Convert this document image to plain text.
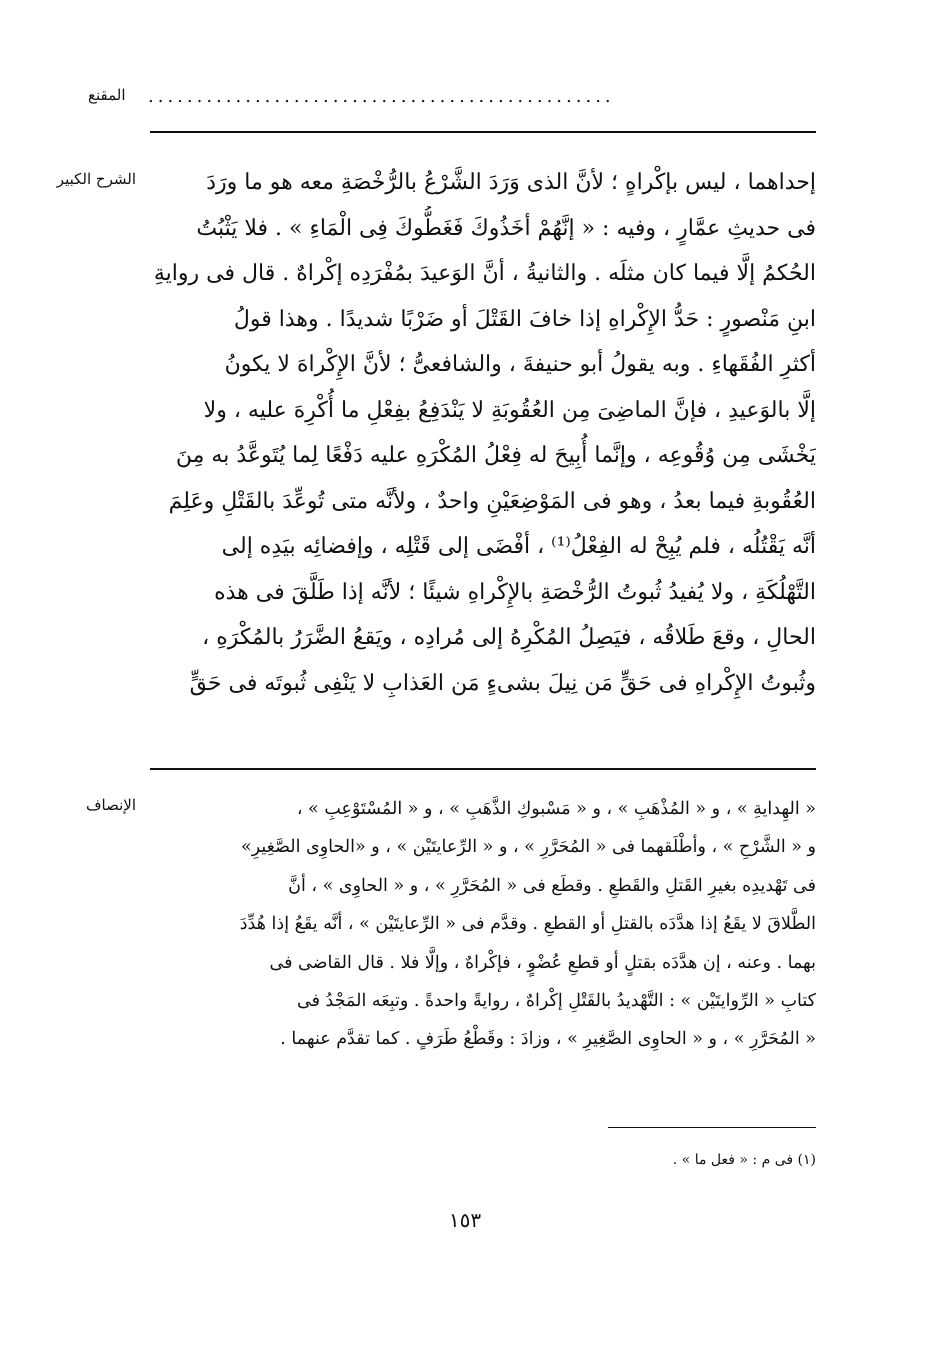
المقنع ................................................
الشرح الكبير	إحداهما ، ليس بإكْراهٍ ؛ لأنَّ الذى وَرَدَ الشَّرْعُ بالرُّخْصَةِ معه هو ما ورَدَ
فى حديثِ عمَّارٍ ، وفيه : « إنَّهُمْ أخَذُوكَ فَغَطُّوكَ فِى الْمَاءِ » . فلا يَثْبُتُ
الحُكمُ إلَّا فيما كان مثلَه . والثانيةُ ، أنَّ الوَعيدَ بمُفْرَدِه إكْراهٌ . قال فى روايةِ
ابنِ مَنْصورٍ : حَدُّ الإِكْراهِ إذا خافَ القَتْلَ أو ضَرْبًا شديدًا . وهذا قولُ
أكثرِ الفُقَهاءِ . وبه يقولُ أبو حنيفةَ ، والشافعىُّ ؛ لأنَّ الإِكْراهَ لا يكونُ
إلَّا بالوَعيدِ ، فإنَّ الماضِىَ مِن العُقُوبَةِ لا يَنْدَفِعُ بفِعْلِ ما أُكْرِهَ عليه ، ولا
يَخْشَى مِن وُقُوعِه ، وإنَّما أُبِيحَ له فِعْلُ المُكْرَهِ عليه دَفْعًا لِما يُتَوعَّدُ به مِنَ
العُقُوبةِ فيما بعدُ ، وهو فى المَوْضِعَيْنِ واحدٌ ، ولأنَّه متى تُوعِّدَ بالقَتْلِ وعَلِمَ
أنَّه يَقْتُلُه ، فلم يُبِحْ له الفِعْلُ⁽¹⁾ ، أفْضَى إلى قَتْلِه ، وإفضائِه بيَدِه إلى
التَّهْلُكَةِ ، ولا يُفيدُ ثُبوتُ الرُّخْصَةِ بالإِكْراهِ شيئًا ؛ لأنَّه إذا طَلَّقَ فى هذه
الحالِ ، وقعَ طَلاقُه ، فيَصِلُ المُكْرِهُ إلى مُرادِه ، ويَقعُ الضَّرَرُ بالمُكْرَهِ ،
وثُبوتُ الإِكْراهِ فى حَقٍّ مَن نِيلَ بشىءٍ مَن العَذابِ لا يَنْفِى ثُبوتَه فى حَقٍّ
الإنصاف	« الهِدايةِ » ، و « المُذْهَبِ » ، و « مَسْبوكِ الذَّهَبِ » ، و « المُسْتَوْعِبِ » ،
و « الشَّرْحِ » ، وأطْلَقهما فى « المُحَرَّرِ » ، و « الرِّعايتَيْن » ، و «الحاوِى الصَّغِيرِ»
فى تَهْديدِه بغيرِ القَتلِ والقَطعِ . وقطَع فى « المُحَرَّرِ » ، و « الحاوِى » ، أنَّ
الطَّلاقَ لا يقَعُ إذا هدَّدَه بالقتلِ أو القطعِ . وقدَّم فى « الرِّعايتَيْن » ، أنَّه يقَعُ إذا هُدِّدَ
بهما . وعنه ، إن هدَّدَه بقتلٍ أو قطعِ عُضْوٍ ، فإكْراهٌ ، وإلَّا فلا . قال القاضى فى
كتابِ « الرِّوايتَيْن » : التَّهْديدُ بالقَتْلِ إكْراهٌ ، روايةً واحدةً . وتبِعَه المَجْدُ فى
« المُحَرَّرِ » ، و « الحاوِى الصَّغِيرِ » ، وزادَ : وقَطْعُ طَرَفٍ . كما تقدَّم عنهما .
(١) فى م : « فعل ما » .
١٥٣
